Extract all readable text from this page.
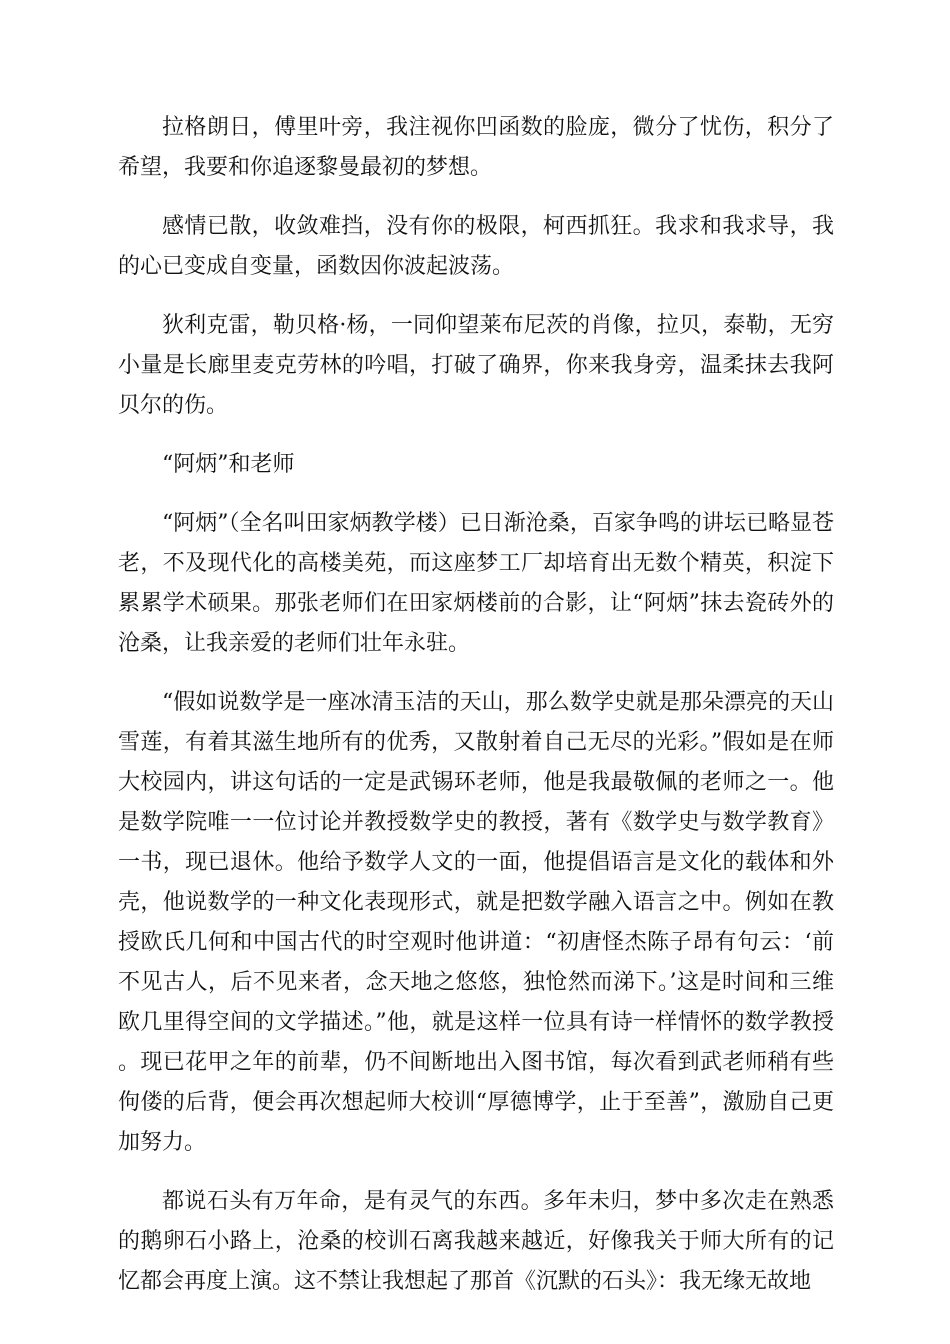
拉格朗日，傅里叶旁，我注视你凹函数的脸庞，微分了忧伤，积分了希望，我要和你追逐黎曼最初的梦想。

感情已散，收敛难挡，没有你的极限，柯西抓狂。我求和我求导，我的心已变成自变量，函数因你波起波荡。

狄利克雷，勒贝格·杨，一同仰望莱布尼茨的肖像，拉贝，泰勒，无穷小量是长廊里麦克劳林的吟唱，打破了确界，你来我身旁，温柔抹去我阿贝尔的伤。

“阿炳”和老师

“阿炳”（全名叫田家炳教学楼）已日渐沧桑，百家争鸣的讲坛已略显苍老，不及现代化的高楼美苑，而这座梦工厂却培育出无数个精英，积淀下累累学术硕果。那张老师们在田家炳楼前的合影，让“阿炳”抹去瓷砖外的沧桑，让我亲爱的老师们壮年永驻。

“假如说数学是一座冰清玉洁的天山，那么数学史就是那朵漂亮的天山雪莲，有着其滋生地所有的优秀，又散射着自己无尽的光彩。”假如是在师大校园内，讲这句话的一定是武锡环老师，他是我最敬佩的老师之一。他是数学院唯一一位讨论并教授数学史的教授，著有《数学史与数学教育》一书，现已退休。他给予数学人文的一面，他提倡语言是文化的载体和外壳，他说数学的一种文化表现形式，就是把数学融入语言之中。例如在教授欧氏几何和中国古代的时空观时他讲道：“初唐怪杰陈子昂有句云：‘前不见古人，后不见来者，念天地之悠悠，独怆然而涕下。’这是时间和三维欧几里得空间的文学描述。”他，就是这样一位具有诗一样情怀的数学教授。现已花甲之年的前辈，仍不间断地出入图书馆，每次看到武老师稍有些佝偻的后背，便会再次想起师大校训“厚德博学，止于至善”，激励自己更加努力。

都说石头有万年命，是有灵气的东西。多年未归，梦中多次走在熟悉的鹅卵石小路上，沧桑的校训石离我越来越近，好像我关于师大所有的记忆都会再度上演。这不禁让我想起了那首《沉默的石头》：我无缘无故地
